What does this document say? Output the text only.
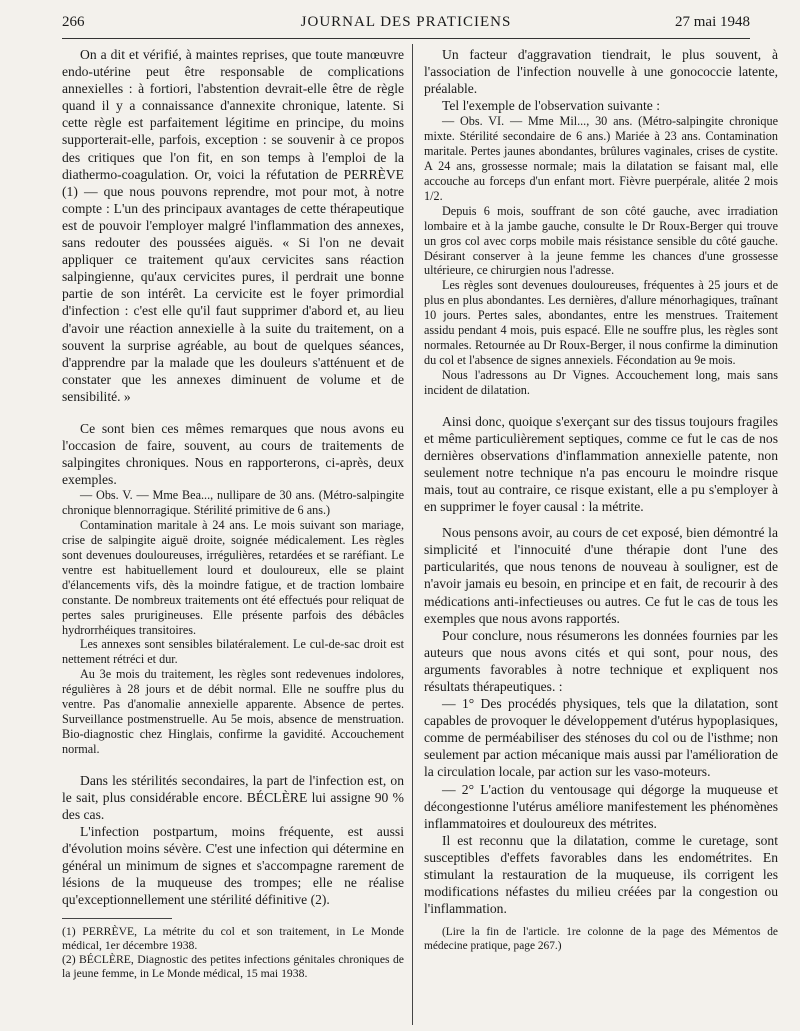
266	JOURNAL DES PRATICIENS	27 mai 1948

On a dit et vérifié, à maintes reprises, que toute manœuvre endo-utérine peut être responsable de complications annexielles : à fortiori, l'abstention devrait-elle être de règle quand il y a connaissance d'annexite chronique, latente. Si cette règle est parfaitement légitime en principe, du moins supporterait-elle, parfois, exception : se souvenir à ce propos des critiques que l'on fit, en son temps à l'emploi de la diathermo-coagulation. Or, voici la réfutation de PERRÈVE (1) — que nous pouvons reprendre, mot pour mot, à notre compte : L'un des principaux avantages de cette thérapeutique est de pouvoir l'employer malgré l'inflammation des annexes, sans redouter des poussées aiguës. « Si l'on ne devait appliquer ce traitement qu'aux cervicites sans réaction salpingienne, qu'aux cervicites pures, il perdrait une bonne partie de son intérêt. La cervicite est le foyer primordial d'infection : c'est elle qu'il faut supprimer d'abord et, au lieu d'avoir une réaction annexielle à la suite du traitement, on a souvent la surprise agréable, au bout de quelques séances, d'apprendre par la malade que les douleurs s'atténuent et de constater que les annexes diminuent de volume et de sensibilité. »

Ce sont bien ces mêmes remarques que nous avons eu l'occasion de faire, souvent, au cours de traitements de salpingites chroniques. Nous en rapporterons, ci-après, deux exemples.

— Obs. V. — Mme Bea..., nullipare de 30 ans. (Métro-salpingite chronique blennorragique. Stérilité primitive de 6 ans.)

Contamination maritale à 24 ans. Le mois suivant son mariage, crise de salpingite aiguë droite, soignée médicalement. Les règles sont devenues douloureuses, irrégulières, retardées et se raréfiant. Le ventre est habituellement lourd et douloureux, elle se plaint d'élancements vifs, dès la moindre fatigue, et de traction lombaire constante. De nombreux traitements ont été effectués pour reliquat de pertes sales prurigineuses. Elle présente parfois des débâcles hydrorrhéiques transitoires.

Les annexes sont sensibles bilatéralement. Le cul-de-sac droit est nettement rétréci et dur.

Au 3e mois du traitement, les règles sont redevenues indolores, régulières à 28 jours et de débit normal. Elle ne souffre plus du ventre. Pas d'anomalie annexielle apparente. Absence de pertes. Surveillance postmenstruelle. Au 5e mois, absence de menstruation. Bio-diagnostic chez Hinglais, confirme la gavidité. Accouchement normal.

Dans les stérilités secondaires, la part de l'infection est, on le sait, plus considérable encore. BÉCLÈRE lui assigne 90 % des cas.

L'infection postpartum, moins fréquente, est aussi d'évolution moins sévère. C'est une infection qui détermine en général un minimum de signes et s'accompagne rarement de lésions de la muqueuse des trompes; elle ne réalise qu'exceptionnellement une stérilité définitive (2).

(1) PERRÈVE, La métrite du col et son traitement, in Le Monde médical, 1er décembre 1938.

(2) BÉCLÈRE, Diagnostic des petites infections génitales chroniques de la jeune femme, in Le Monde médical, 15 mai 1938.

Un facteur d'aggravation tiendrait, le plus souvent, à l'association de l'infection nouvelle à une gonococcie latente, préalable.

Tel l'exemple de l'observation suivante :

— Obs. VI. — Mme Mil..., 30 ans. (Métro-salpingite chronique mixte. Stérilité secondaire de 6 ans.) Mariée à 23 ans. Contamination maritale. Pertes jaunes abondantes, brûlures vaginales, crises de cystite. A 24 ans, grossesse normale; mais la dilatation se faisant mal, elle accouche au forceps d'un enfant mort. Fièvre puerpérale, alitée 2 mois 1/2.

Depuis 6 mois, souffrant de son côté gauche, avec irradiation lombaire et à la jambe gauche, consulte le Dr Roux-Berger qui trouve un gros col avec corps mobile mais résistance sensible du côté gauche. Désirant conserver à la jeune femme les chances d'une grossesse ultérieure, ce chirurgien nous l'adresse.

Les règles sont devenues douloureuses, fréquentes à 25 jours et de plus en plus abondantes. Les dernières, d'allure ménorhagiques, traînant 10 jours. Pertes sales, abondantes, entre les menstrues. Traitement assidu pendant 4 mois, puis espacé. Elle ne souffre plus, les règles sont normales. Retournée au Dr Roux-Berger, il nous confirme la diminution du col et l'absence de signes annexiels. Fécondation au 9e mois.

Nous l'adressons au Dr Vignes. Accouchement long, mais sans incident de dilatation.

Ainsi donc, quoique s'exerçant sur des tissus toujours fragiles et même particulièrement septiques, comme ce fut le cas de nos dernières observations d'inflammation annexielle patente, non seulement notre technique n'a pas encouru le moindre risque mais, tout au contraire, ce risque existant, elle a pu s'employer à en supprimer le foyer causal : la métrite.

Nous pensons avoir, au cours de cet exposé, bien démontré la simplicité et l'innocuité d'une thérapie dont l'une des particularités, que nous tenons de nouveau à souligner, est de n'avoir jamais eu besoin, en principe et en fait, de recourir à des médications anti-infectieuses ou autres. Ce fut le cas de tous les exemples que nous avons rapportés.

Pour conclure, nous résumerons les données fournies par les auteurs que nous avons cités et qui sont, pour nous, des arguments favorables à notre technique et expliquent nos résultats thérapeutiques. :

— 1° Des procédés physiques, tels que la dilatation, sont capables de provoquer le développement d'utérus hypoplasiques, comme de perméabiliser des sténoses du col ou de l'isthme; non seulement par action mécanique mais aussi par l'amélioration de la circulation locale, par action sur les vaso-moteurs.

— 2° L'action du ventousage qui dégorge la muqueuse et décongestionne l'utérus améliore manifestement les phénomènes inflammatoires et douloureux des métrites.

Il est reconnu que la dilatation, comme le curetage, sont susceptibles d'effets favorables dans les endométrites. En stimulant la restauration de la muqueuse, ils corrigent les modifications néfastes du milieu créées par la congestion ou l'inflammation.

(Lire la fin de l'article. 1re colonne de la page des Mémentos de médecine pratique, page 267.)
